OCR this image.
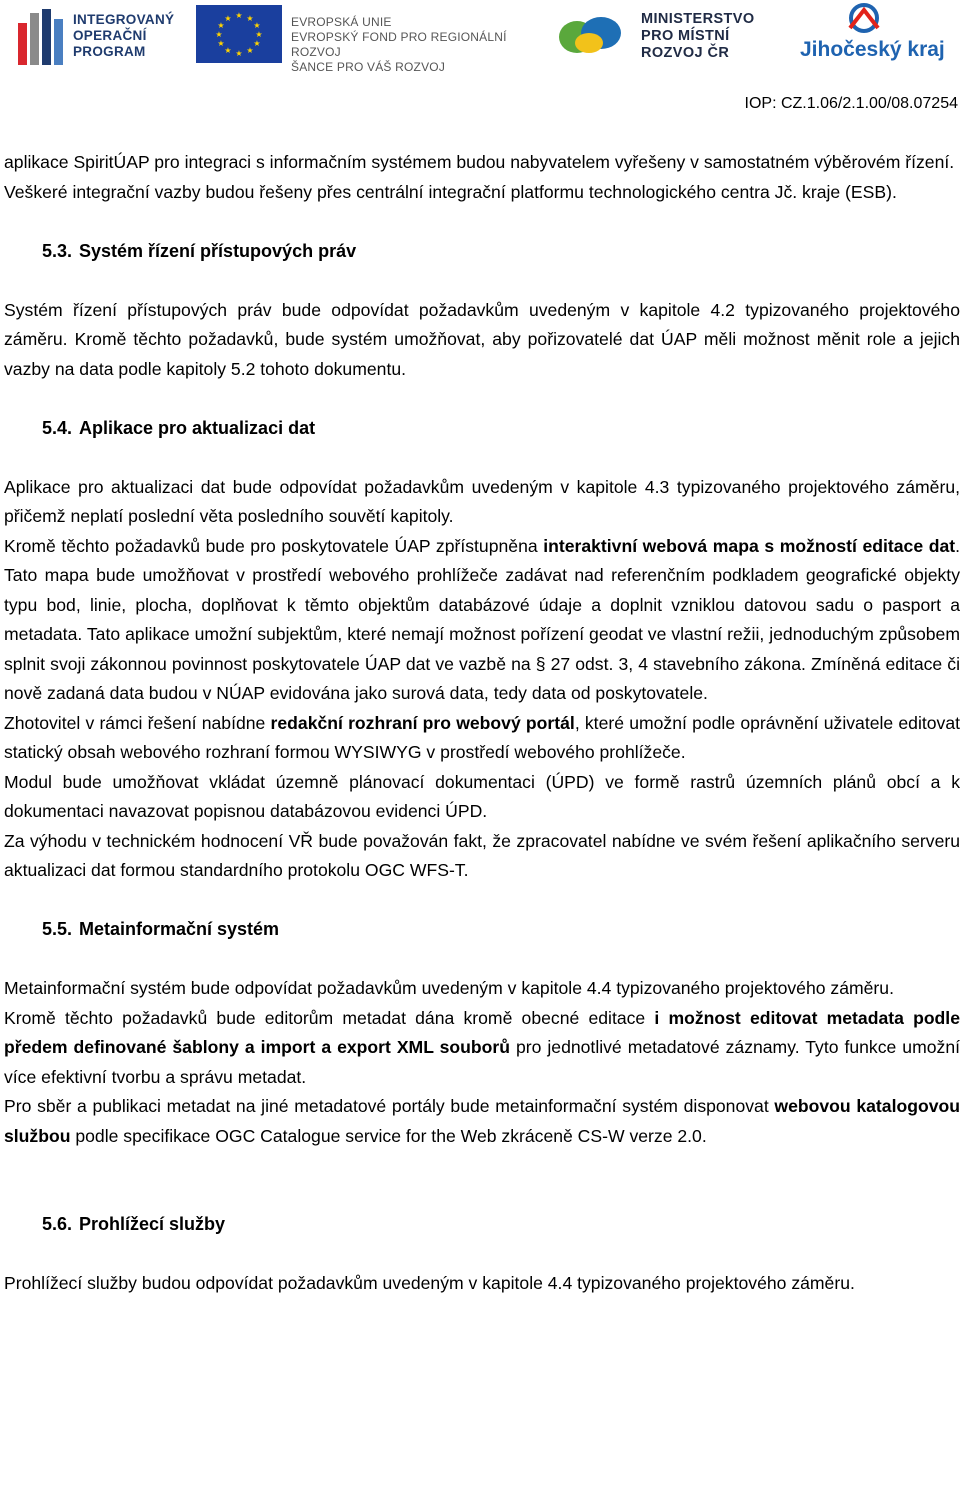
INTEGROVANÝ
OPERAČNÍ
PROGRAM
★ ★
★
★
★
★
★
★
★
★
★
★	EVROPSKÁ UNIE
EVROPSKÝ FOND PRO REGIONÁLNÍ ROZVOJ
ŠANCE PRO VÁŠ ROZVOJ
MINISTERSTVO
PRO MÍSTNÍ
ROZVOJ ČR	Jihočeský kraj
IOP: CZ.1.06/2.1.00/08.07254

aplikace SpiritÚAP pro integraci s informačním systémem budou nabyvatelem vyřešeny v samostatném výběrovém řízení.

Veškeré integrační vazby budou řešeny přes centrální integrační platformu technologického centra Jč. kraje (ESB).

5.3. Systém řízení přístupových práv

Systém řízení přístupových práv bude odpovídat požadavkům uvedeným v kapitole 4.2 typizovaného projektového záměru. Kromě těchto požadavků, bude systém umožňovat, aby pořizovatelé dat ÚAP měli možnost měnit role a jejich vazby na data podle kapitoly 5.2 tohoto dokumentu.

5.4. Aplikace pro aktualizaci dat

Aplikace pro aktualizaci dat bude odpovídat požadavkům uvedeným v kapitole 4.3 typizovaného projektového záměru, přičemž neplatí poslední věta posledního souvětí kapitoly.

Kromě těchto požadavků bude pro poskytovatele ÚAP zpřístupněna interaktivní webová mapa s možností editace dat. Tato mapa bude umožňovat v prostředí webového prohlížeče zadávat nad referenčním podkladem geografické objekty typu bod, linie, plocha, doplňovat k těmto objektům databázové údaje a doplnit vzniklou datovou sadu o pasport a metadata. Tato aplikace umožní subjektům, které nemají možnost pořízení geodat ve vlastní režii, jednoduchým způsobem splnit svoji zákonnou povinnost poskytovatele ÚAP dat ve vazbě na § 27 odst. 3, 4 stavebního zákona. Zmíněná editace či nově zadaná data budou v NÚAP evidována jako surová data, tedy data od poskytovatele.

Zhotovitel v rámci řešení nabídne redakční rozhraní pro webový portál, které umožní podle oprávnění uživatele editovat statický obsah webového rozhraní formou WYSIWYG v prostředí webového prohlížeče.

Modul bude umožňovat vkládat územně plánovací dokumentaci (ÚPD) ve formě rastrů územních plánů obcí a k dokumentaci navazovat popisnou databázovou evidenci ÚPD.

Za výhodu v technickém hodnocení VŘ bude považován fakt, že zpracovatel nabídne ve svém řešení aplikačního serveru aktualizaci dat formou standardního protokolu OGC WFS-T.

5.5. Metainformační systém

Metainformační systém bude odpovídat požadavkům uvedeným v kapitole 4.4 typizovaného projektového záměru.

Kromě těchto požadavků bude editorům metadat dána kromě obecné editace i možnost editovat metadata podle předem definované šablony a import a export XML souborů pro jednotlivé metadatové záznamy. Tyto funkce umožní více efektivní tvorbu a správu metadat.

Pro sběr a publikaci metadat na jiné metadatové portály bude metainformační systém disponovat webovou katalogovou službou podle specifikace OGC Catalogue service for the Web zkráceně CS-W verze 2.0.

5.6. Prohlížecí služby

Prohlížecí služby budou odpovídat požadavkům uvedeným v kapitole 4.4 typizovaného projektového záměru.
